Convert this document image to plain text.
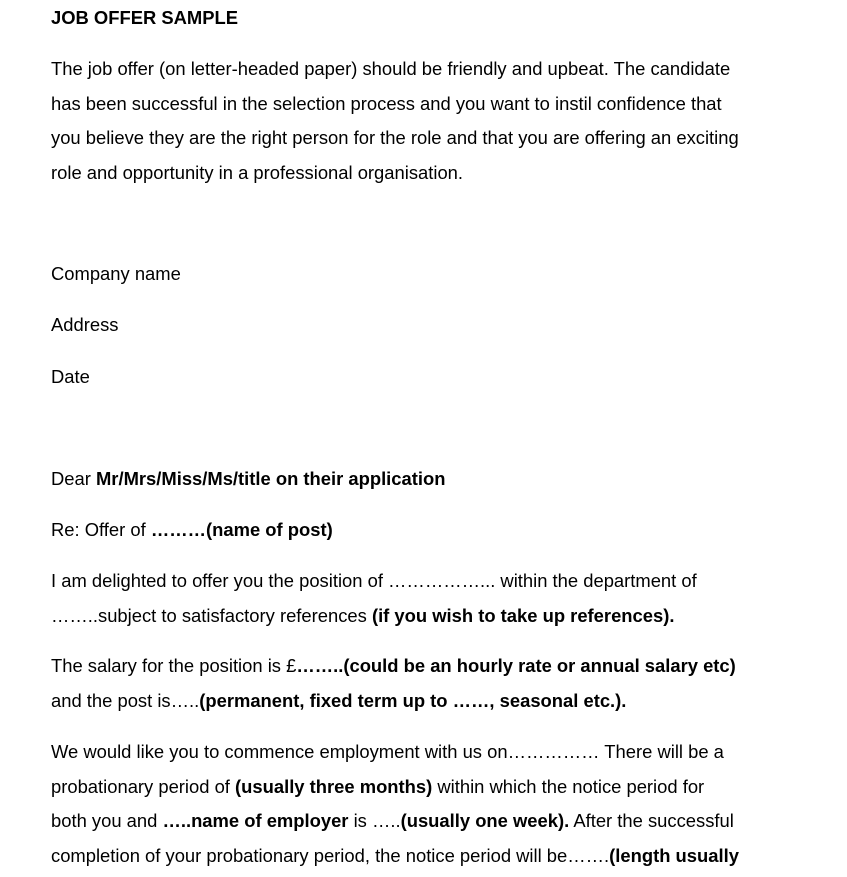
JOB OFFER SAMPLE

The job offer (on letter-headed paper) should be friendly and upbeat. The candidate
has been successful in the selection process and you want to instil confidence that
you believe they are the right person for the role and that you are offering an exciting
role and opportunity in a professional organisation.

Company name

Address

Date

Dear Mr/Mrs/Miss/Ms/title on their application

Re: Offer of ………(name of post)

I am delighted to offer you the position of ……………... within the department of
……..subject to satisfactory references (if you wish to take up references).

The salary for the position is £……..(could be an hourly rate or annual salary etc)
and the post is…..(permanent, fixed term up to ……, seasonal etc.).

We would like you to commence employment with us on…………… There will be a
probationary period of (usually three months) within which the notice period for
both you and …..name of employer is …..(usually one week). After the successful
completion of your probationary period, the notice period will be…….(length usually
